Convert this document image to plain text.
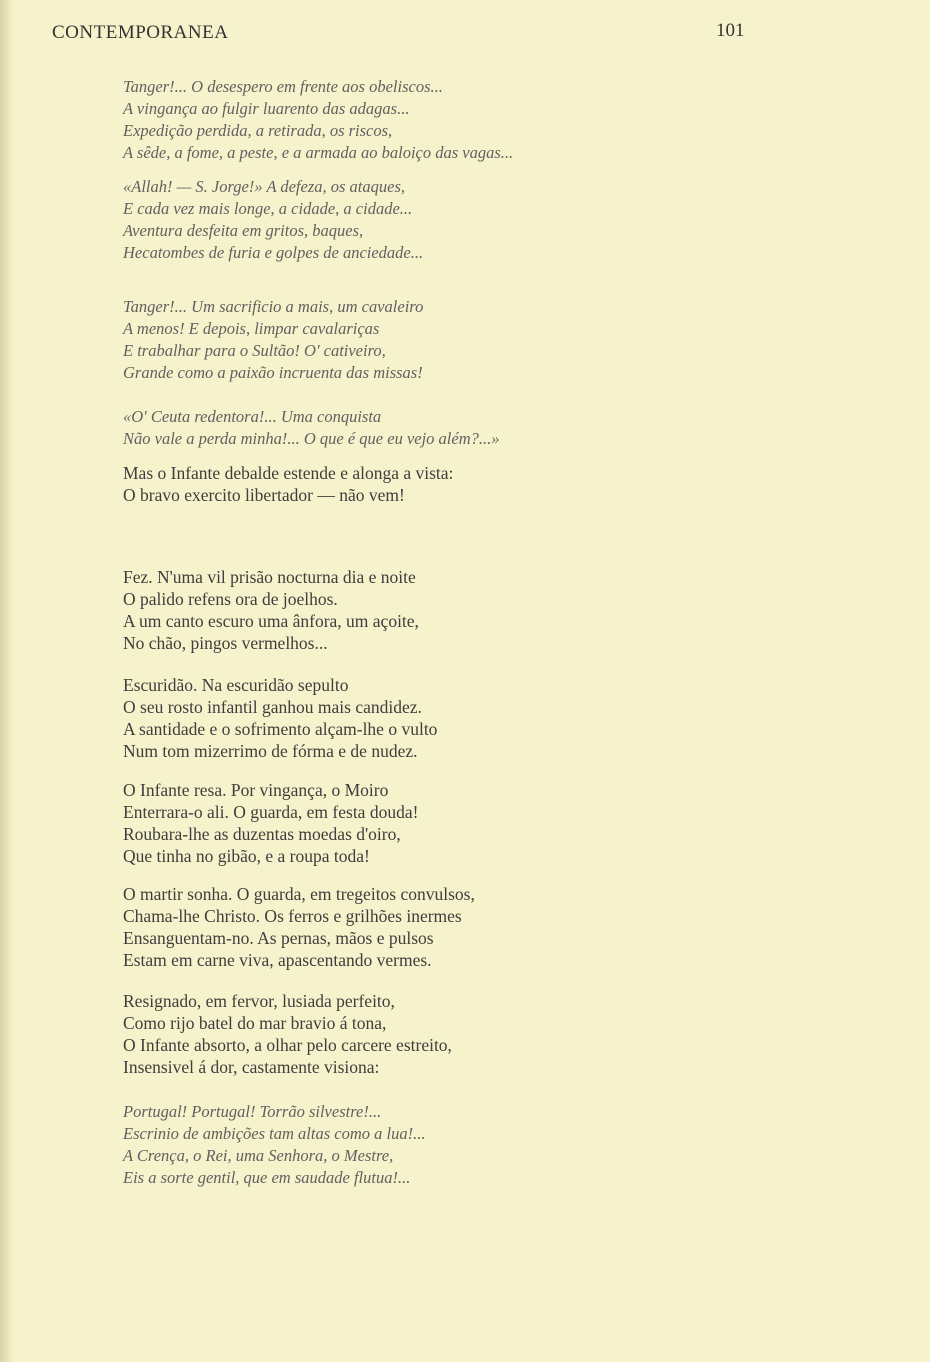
CONTEMPORANEA	101
Tanger!... O desespero em frente aos obeliscos...
A vingança ao fulgir luarento das adagas...
Expedição perdida, a retirada, os riscos,
A sêde, a fome, a peste, e a armada ao baloiço das vagas...
«Allah! — S. Jorge!» A defeza, os ataques,
E cada vez mais longe, a cidade, a cidade...
Aventura desfeita em gritos, baques,
Hecatombes de furia e golpes de anciedade...
Tanger!... Um sacrificio a mais, um cavaleiro
A menos! E depois, limpar cavalariças
E trabalhar para o Sultão! O' cativeiro,
Grande como a paixão incruenta das missas!
«O' Ceuta redentora!... Uma conquista
Não vale a perda minha!... O que é que eu vejo além?...»
Mas o Infante debalde estende e alonga a vista:
O bravo exercito libertador — não vem!
Fez. N'uma vil prisão nocturna dia e noite
O palido refens ora de joelhos.
A um canto escuro uma ânfora, um açoite,
No chão, pingos vermelhos...
Escuridão. Na escuridão sepulto
O seu rosto infantil ganhou mais candidez.
A santidade e o sofrimento alçam-lhe o vulto
Num tom mizerrimo de fórma e de nudez.
O Infante resa. Por vingança, o Moiro
Enterrara-o ali. O guarda, em festa douda!
Roubara-lhe as duzentas moedas d'oiro,
Que tinha no gibão, e a roupa toda!
O martir sonha. O guarda, em tregeitos convulsos,
Chama-lhe Christo. Os ferros e grilhões inermes
Ensanguentam-no. As pernas, mãos e pulsos
Estam em carne viva, apascentando vermes.
Resignado, em fervor, lusiada perfeito,
Como rijo batel do mar bravio á tona,
O Infante absorto, a olhar pelo carcere estreito,
Insensivel á dor, castamente visiona:
Portugal! Portugal! Torrão silvestre!...
Escrinio de ambições tam altas como a lua!...
A Crença, o Rei, uma Senhora, o Mestre,
Eis a sorte gentil, que em saudade flutua!...
